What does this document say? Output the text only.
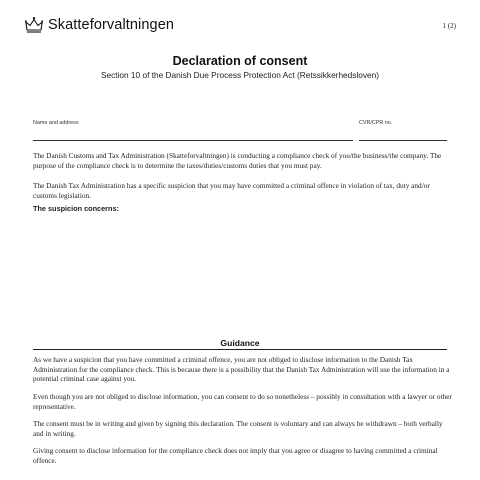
Skatteforvaltningen	1 (2)
Declaration of consent
Section 10 of the Danish Due Process Protection Act (Retssikkerhedsloven)
Name and address	CVR/CPR no.

The Danish Customs and Tax Administration (Skatteforvaltningen) is conducting a compliance check of you/the business/the company. The purpose of the compliance check is to determine the taxes/duties/customs duties that you must pay.

The Danish Tax Administration has a specific suspicion that you may have committed a criminal offence in violation of tax, duty and/or customs legislation.

The suspicion concerns:
Guidance

As we have a suspicion that you have committed a criminal offence, you are not obliged to disclose information to the Danish Tax Administration for the compliance check. This is because there is a possibility that the Danish Tax Administration will use the information in a potential criminal case against you.

Even though you are not obliged to disclose information, you can consent to do so nonetheless – possibly in consultation with a lawyer or other representative.

The consent must be in writing and given by signing this declaration. The consent is voluntary and can always be withdrawn – both verbally and in writing.

Giving consent to disclose information for the compliance check does not imply that you agree or disagree to having committed a criminal offence.
